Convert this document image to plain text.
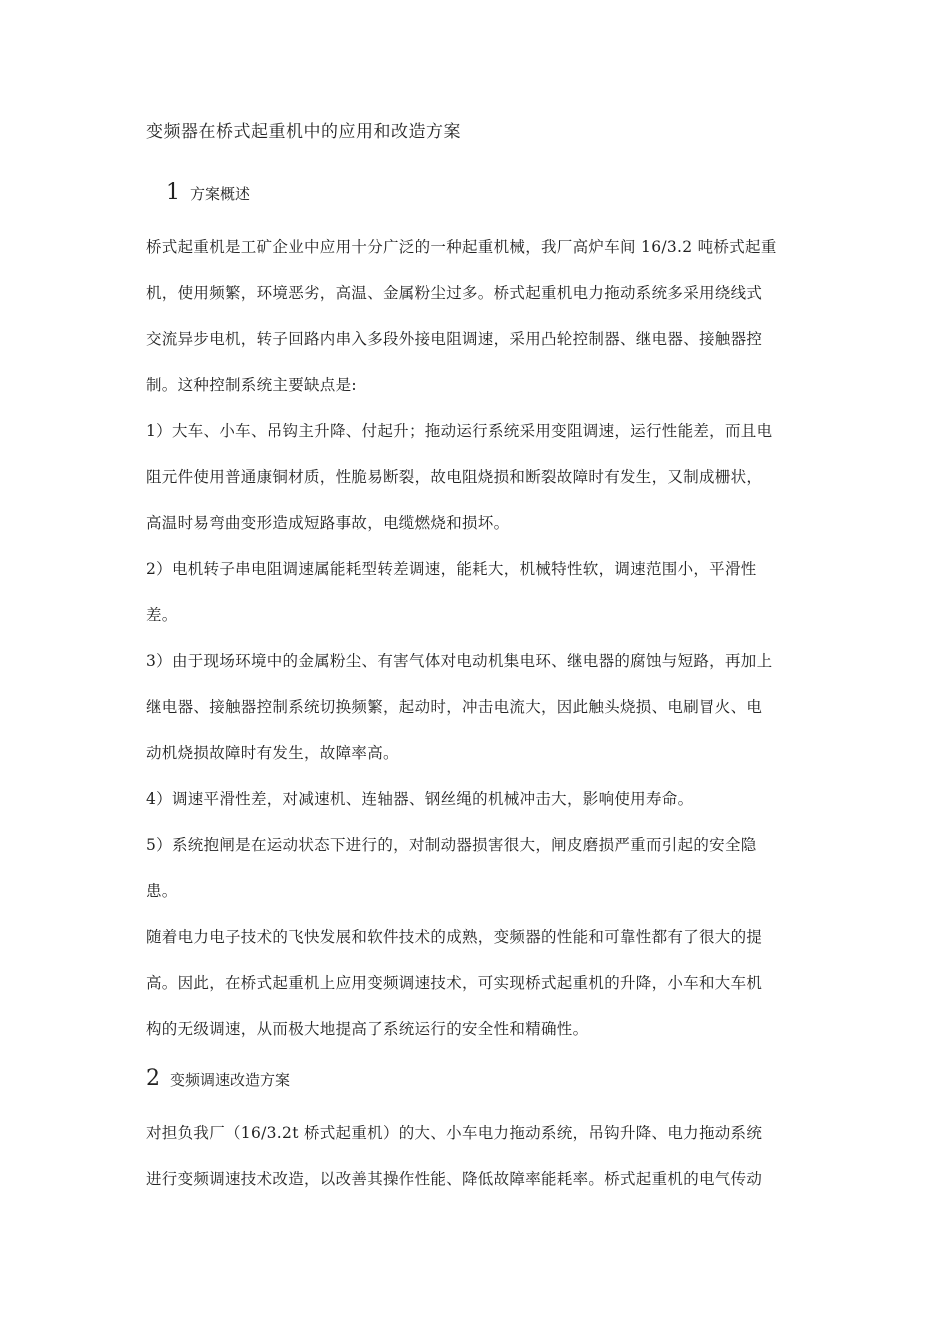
变频器在桥式起重机中的应用和改造方案
1 方案概述
桥式起重机是工矿企业中应用十分广泛的一种起重机械，我厂高炉车间 16/3.2 吨桥式起重
机，使用频繁，环境恶劣，高温、金属粉尘过多。桥式起重机电力拖动系统多采用绕线式
交流异步电机，转子回路内串入多段外接电阻调速，采用凸轮控制器、继电器、接触器控
制。这种控制系统主要缺点是:
1）大车、小车、吊钩主升降、付起升；拖动运行系统采用变阻调速，运行性能差，而且电
阻元件使用普通康铜材质，性脆易断裂，故电阻烧损和断裂故障时有发生，又制成栅状，
高温时易弯曲变形造成短路事故，电缆燃烧和损坏。
2）电机转子串电阻调速属能耗型转差调速，能耗大，机械特性软，调速范围小，平滑性
差。
3）由于现场环境中的金属粉尘、有害气体对电动机集电环、继电器的腐蚀与短路，再加上
继电器、接触器控制系统切换频繁，起动时，冲击电流大，因此触头烧损、电刷冒火、电
动机烧损故障时有发生，故障率高。
4）调速平滑性差，对减速机、连轴器、钢丝绳的机械冲击大，影响使用寿命。
5）系统抱闸是在运动状态下进行的，对制动器损害很大，闸皮磨损严重而引起的安全隐
患。
随着电力电子技术的飞快发展和软件技术的成熟，变频器的性能和可靠性都有了很大的提
高。因此，在桥式起重机上应用变频调速技术，可实现桥式起重机的升降，小车和大车机
构的无级调速，从而极大地提高了系统运行的安全性和精确性。
2 变频调速改造方案
对担负我厂（16/3.2t 桥式起重机）的大、小车电力拖动系统，吊钩升降、电力拖动系统
进行变频调速技术改造，以改善其操作性能、降低故障率能耗率。桥式起重机的电气传动
